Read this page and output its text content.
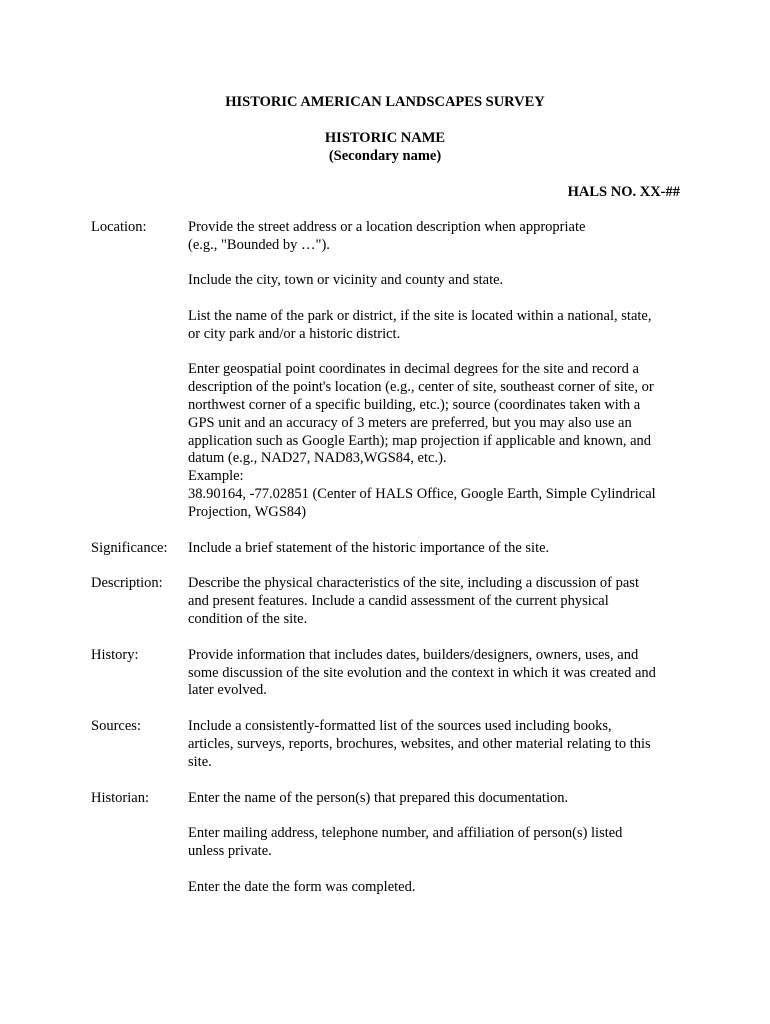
HISTORIC AMERICAN LANDSCAPES SURVEY
HISTORIC NAME
(Secondary name)
HALS NO. XX-##
Location:	Provide the street address or a location description when appropriate
(e.g., "Bounded by …").

Include the city, town or vicinity and county and state.

List the name of the park or district, if the site is located within a national, state,
or city park and/or a historic district.

Enter geospatial point coordinates in decimal degrees for the site and record a
description of the point's location (e.g., center of site, southeast corner of site, or
northwest corner of a specific building, etc.); source (coordinates taken with a
GPS unit and an accuracy of 3 meters are preferred, but you may also use an
application such as Google Earth); map projection if applicable and known, and
datum (e.g., NAD27, NAD83,WGS84, etc.).
Example:
38.90164, -77.02851 (Center of HALS Office, Google Earth, Simple Cylindrical
Projection, WGS84)

Significance:	Include a brief statement of the historic importance of the site.

Description:	Describe the physical characteristics of the site, including a discussion of past
and present features. Include a candid assessment of the current physical
condition of the site.

History:	Provide information that includes dates, builders/designers, owners, uses, and
some discussion of the site evolution and the context in which it was created and
later evolved.

Sources:	Include a consistently-formatted list of the sources used including books,
articles, surveys, reports, brochures, websites, and other material relating to this
site.

Historian:	Enter the name of the person(s) that prepared this documentation.

Enter mailing address, telephone number, and affiliation of person(s) listed
unless private.

Enter the date the form was completed.
